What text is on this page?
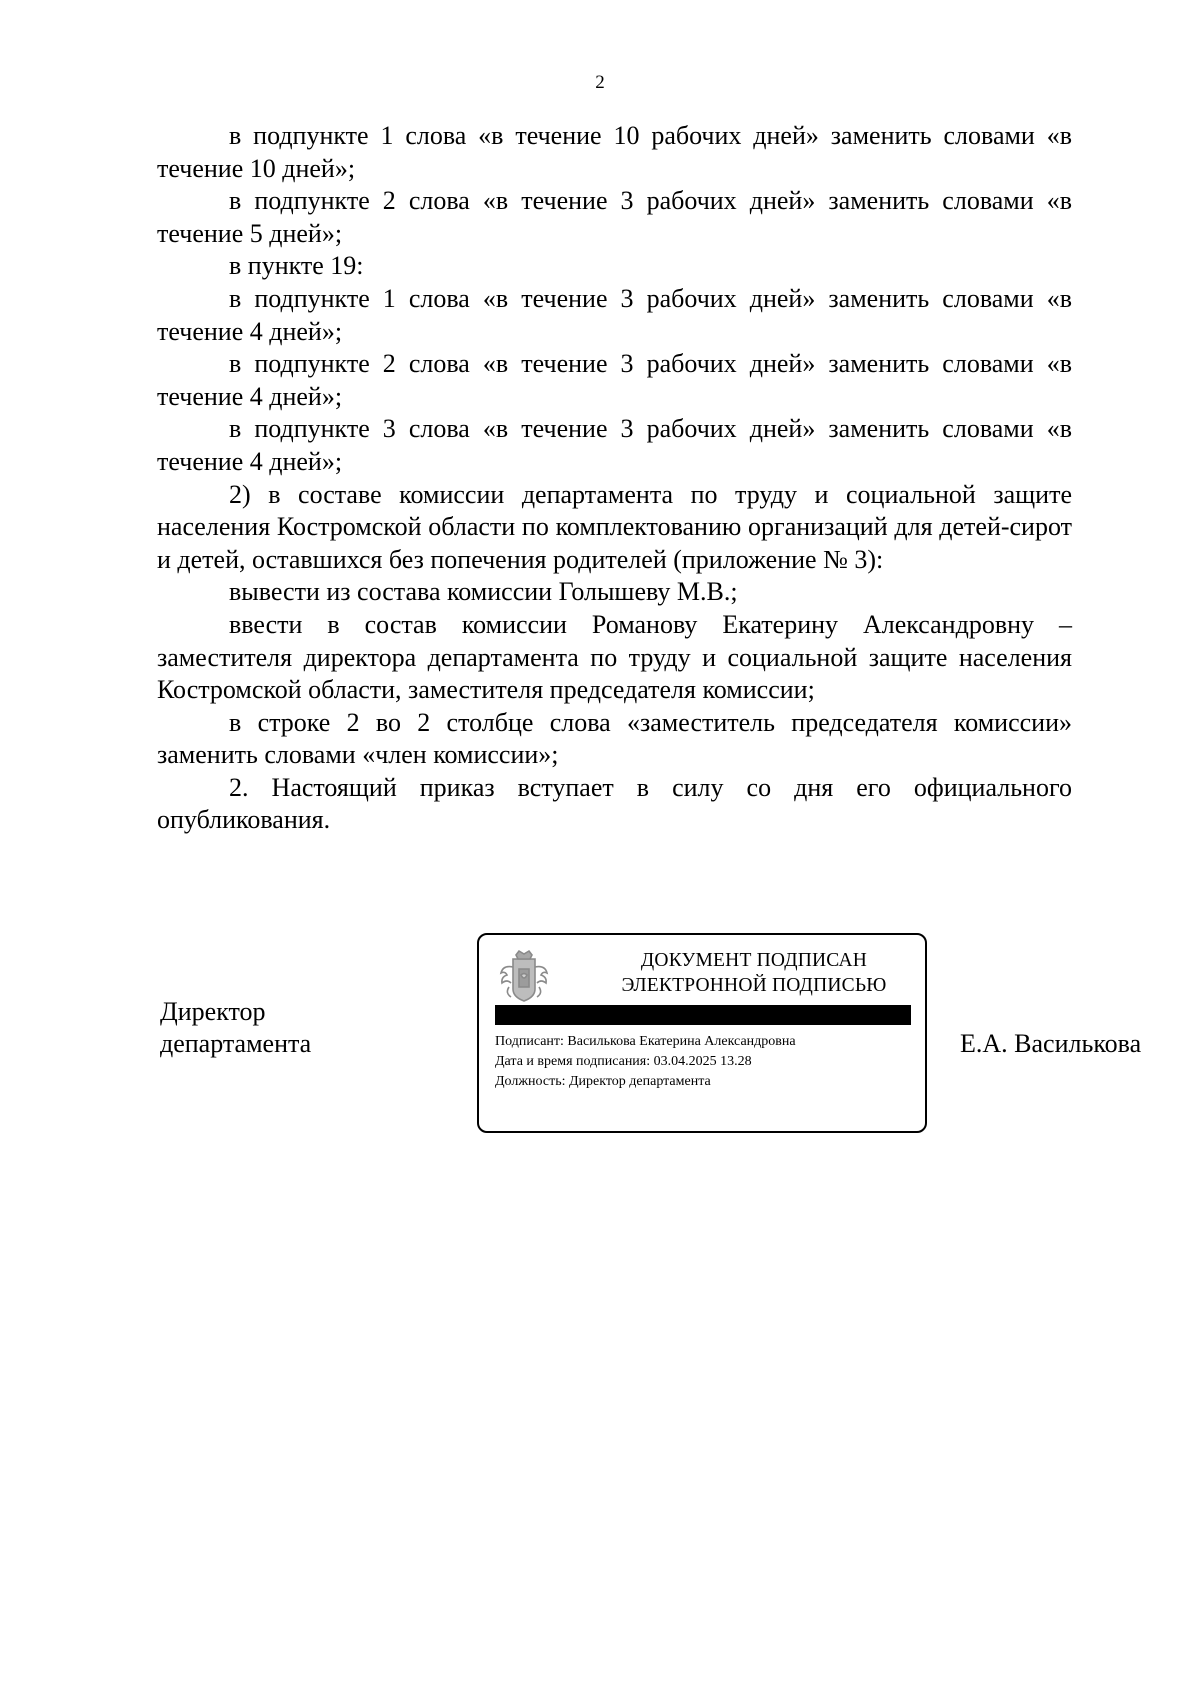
2

в подпункте 1 слова «в течение 10 рабочих дней» заменить словами «в течение 10 дней»;

в подпункте 2 слова «в течение 3 рабочих дней» заменить словами «в течение 5 дней»;

в пункте 19:

в подпункте 1 слова «в течение 3 рабочих дней» заменить словами «в течение 4 дней»;

в подпункте 2 слова «в течение 3 рабочих дней» заменить словами «в течение 4 дней»;

в подпункте 3 слова «в течение 3 рабочих дней» заменить словами «в течение 4 дней»;

2) в составе комиссии департамента по труду и социальной защите населения Костромской области по комплектованию организаций для детей-сирот и детей, оставшихся без попечения родителей (приложение № 3):

вывести из состава комиссии Голышеву М.В.;

ввести в состав комиссии Романову Екатерину Александровну – заместителя директора департамента по труду и социальной защите населения Костромской области, заместителя председателя комиссии;

в строке 2 во 2 столбце слова «заместитель председателя комиссии» заменить словами «член комиссии»;

2. Настоящий приказ вступает в силу со дня его официального опубликования.

Директор
департамента	Е.А. Василькова
ДОКУМЕНТ ПОДПИСАН
ЭЛЕКТРОННОЙ ПОДПИСЬЮ
Подписант: Василькова Екатерина Александровна
Дата и время подписания: 03.04.2025 13.28
Должность: Директор департамента
